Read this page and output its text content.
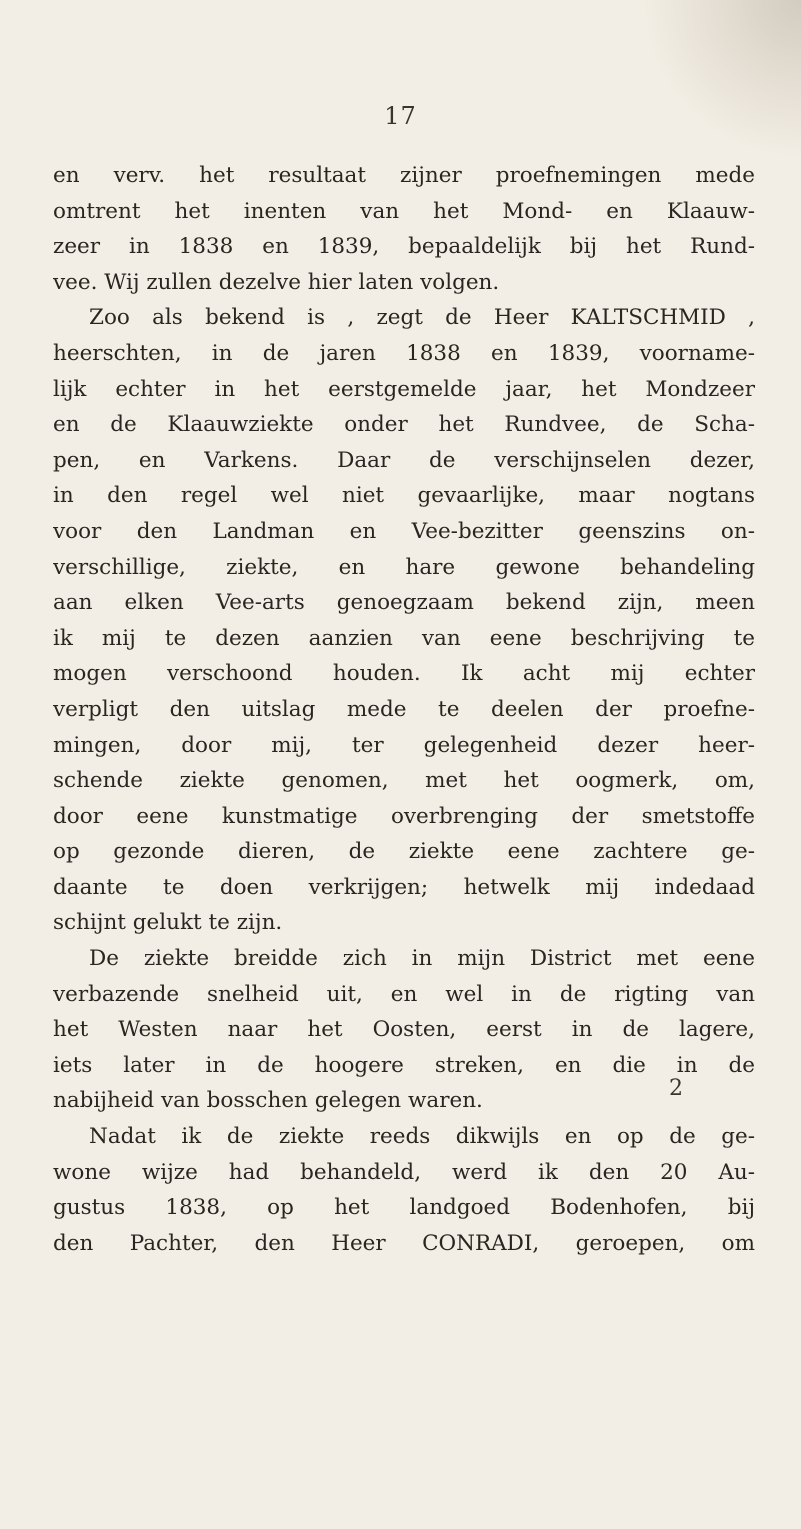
17
en verv. het resultaat zijner proefnemingen mede
omtrent het inenten van het Mond- en Klaauw-
zeer in 1838 en 1839, bepaaldelijk bij het Rund-
vee. Wij zullen dezelve hier laten volgen.
Zoo als bekend is , zegt de Heer KALTSCHMID ,
heerschten, in de jaren 1838 en 1839, voorname-
lijk echter in het eerstgemelde jaar, het Mondzeer
en de Klaauwziekte onder het Rundvee, de Scha-
pen, en Varkens. Daar de verschijnselen dezer,
in den regel wel niet gevaarlijke, maar nogtans
voor den Landman en Vee-bezitter geenszins on-
verschillige, ziekte, en hare gewone behandeling
aan elken Vee-arts genoegzaam bekend zijn, meen
ik mij te dezen aanzien van eene beschrijving te
mogen verschoond houden. Ik acht mij echter
verpligt den uitslag mede te deelen der proefne-
mingen, door mij, ter gelegenheid dezer heer-
schende ziekte genomen, met het oogmerk, om,
door eene kunstmatige overbrenging der smetstoffe
op gezonde dieren, de ziekte eene zachtere ge-
daante te doen verkrijgen; hetwelk mij indedaad
schijnt gelukt te zijn.
De ziekte breidde zich in mijn District met eene
verbazende snelheid uit, en wel in de rigting van
het Westen naar het Oosten, eerst in de lagere,
iets later in de hoogere streken, en die in de
nabijheid van bosschen gelegen waren.
Nadat ik de ziekte reeds dikwijls en op de ge-
wone wijze had behandeld, werd ik den 20 Au-
gustus 1838, op het landgoed Bodenhofen, bij
den Pachter, den Heer CONRADI, geroepen, om
2
